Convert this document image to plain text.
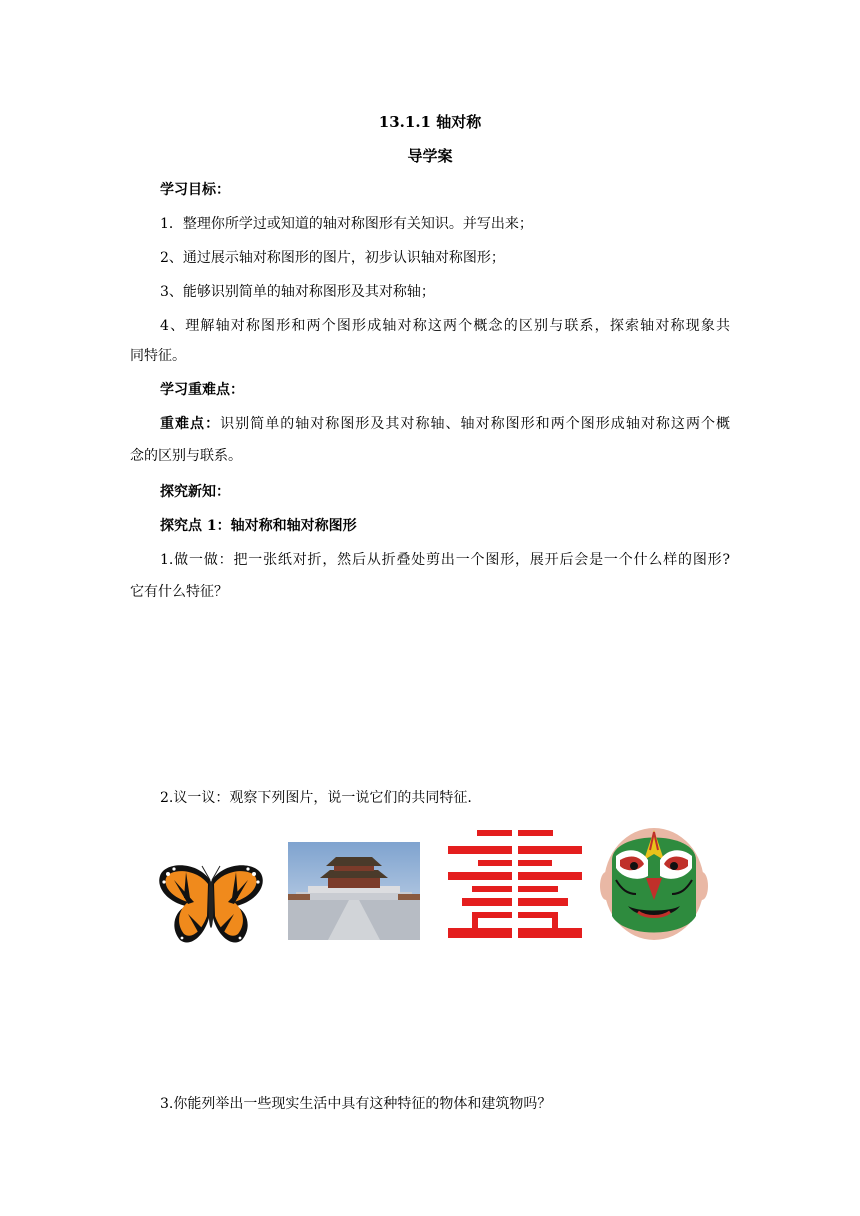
13.1.1 轴对称
导学案
学习目标：
1．整理你所学过或知道的轴对称图形有关知识。并写出来；
2、通过展示轴对称图形的图片，初步认识轴对称图形；
3、能够识别简单的轴对称图形及其对称轴；
4、理解轴对称图形和两个图形成轴对称这两个概念的区别与联系，探索轴对称现象共
同特征。
学习重难点：
重难点：识别简单的轴对称图形及其对称轴、轴对称图形和两个图形成轴对称这两个概
念的区别与联系。
探究新知：
探究点 1：轴对称和轴对称图形
1.做一做：把一张纸对折，然后从折叠处剪出一个图形，展开后会是一个什么样的图形?
它有什么特征？
2.议一议：观察下列图片，说一说它们的共同特征.
3.你能列举出一些现实生活中具有这种特征的物体和建筑物吗？
